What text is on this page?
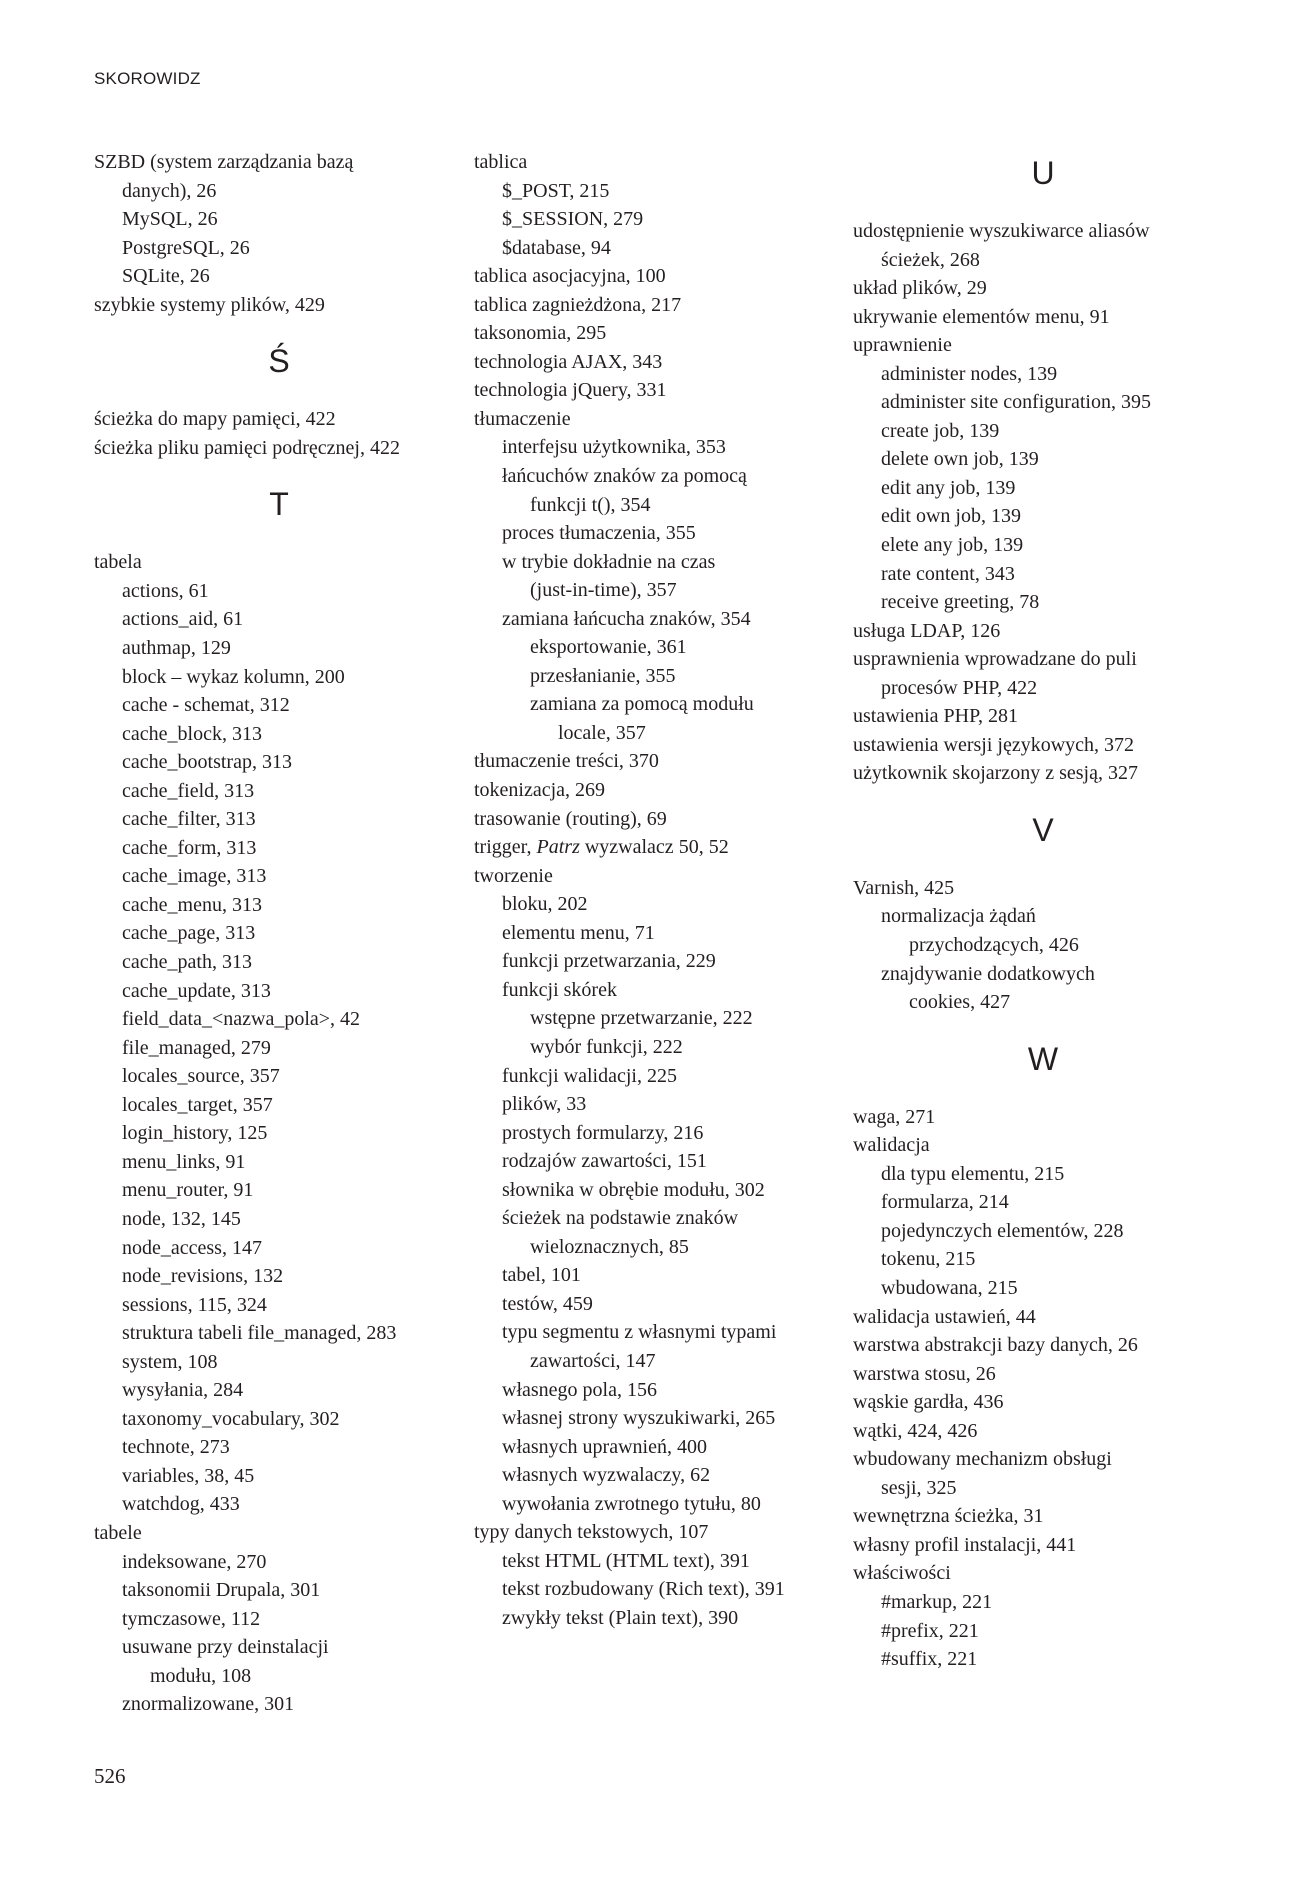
SKOROWIDZ
SZBD (system zarządzania bazą
danych), 26
MySQL, 26
PostgreSQL, 26
SQLite, 26
szybkie systemy plików, 429
Ś
ścieżka do mapy pamięci, 422
ścieżka pliku pamięci podręcznej, 422
T
tabela
actions, 61
actions_aid, 61
authmap, 129
block – wykaz kolumn, 200
cache - schemat, 312
cache_block, 313
cache_bootstrap, 313
cache_field, 313
cache_filter, 313
cache_form, 313
cache_image, 313
cache_menu, 313
cache_page, 313
cache_path, 313
cache_update, 313
field_data_<nazwa_pola>, 42
file_managed, 279
locales_source, 357
locales_target, 357
login_history, 125
menu_links, 91
menu_router, 91
node, 132, 145
node_access, 147
node_revisions, 132
sessions, 115, 324
struktura tabeli file_managed, 283
system, 108
wysyłania, 284
taxonomy_vocabulary, 302
technote, 273
variables, 38, 45
watchdog, 433
tabele
indeksowane, 270
taksonomii Drupala, 301
tymczasowe, 112
usuwane przy deinstalacji
modułu, 108
znormalizowane, 301
tablica
$_POST, 215
$_SESSION, 279
$database, 94
tablica asocjacyjna, 100
tablica zagnieżdżona, 217
taksonomia, 295
technologia AJAX, 343
technologia jQuery, 331
tłumaczenie
interfejsu użytkownika, 353
łańcuchów znaków za pomocą
funkcji t(), 354
proces tłumaczenia, 355
w trybie dokładnie na czas
(just-in-time), 357
zamiana łańcucha znaków, 354
eksportowanie, 361
przesłanianie, 355
zamiana za pomocą modułu
locale, 357
tłumaczenie treści, 370
tokenizacja, 269
trasowanie (routing), 69
trigger, Patrz wyzwalacz 50, 52
tworzenie
bloku, 202
elementu menu, 71
funkcji przetwarzania, 229
funkcji skórek
wstępne przetwarzanie, 222
wybór funkcji, 222
funkcji walidacji, 225
plików, 33
prostych formularzy, 216
rodzajów zawartości, 151
słownika w obrębie modułu, 302
ścieżek na podstawie znaków
wieloznacznych, 85
tabel, 101
testów, 459
typu segmentu z własnymi typami
zawartości, 147
własnego pola, 156
własnej strony wyszukiwarki, 265
własnych uprawnień, 400
własnych wyzwalaczy, 62
wywołania zwrotnego tytułu, 80
typy danych tekstowych, 107
tekst HTML (HTML text), 391
tekst rozbudowany (Rich text), 391
zwykły tekst (Plain text), 390
U
udostępnienie wyszukiwarce aliasów
ścieżek, 268
układ plików, 29
ukrywanie elementów menu, 91
uprawnienie
administer nodes, 139
administer site configuration, 395
create job, 139
delete own job, 139
edit any job, 139
edit own job, 139
elete any job, 139
rate content, 343
receive greeting, 78
usługa LDAP, 126
usprawnienia wprowadzane do puli
procesów PHP, 422
ustawienia PHP, 281
ustawienia wersji językowych, 372
użytkownik skojarzony z sesją, 327
V
Varnish, 425
normalizacja żądań
przychodzących, 426
znajdywanie dodatkowych
cookies, 427
W
waga, 271
walidacja
dla typu elementu, 215
formularza, 214
pojedynczych elementów, 228
tokenu, 215
wbudowana, 215
walidacja ustawień, 44
warstwa abstrakcji bazy danych, 26
warstwa stosu, 26
wąskie gardła, 436
wątki, 424, 426
wbudowany mechanizm obsługi
sesji, 325
wewnętrzna ścieżka, 31
własny profil instalacji, 441
właściwości
#markup, 221
#prefix, 221
#suffix, 221
526
